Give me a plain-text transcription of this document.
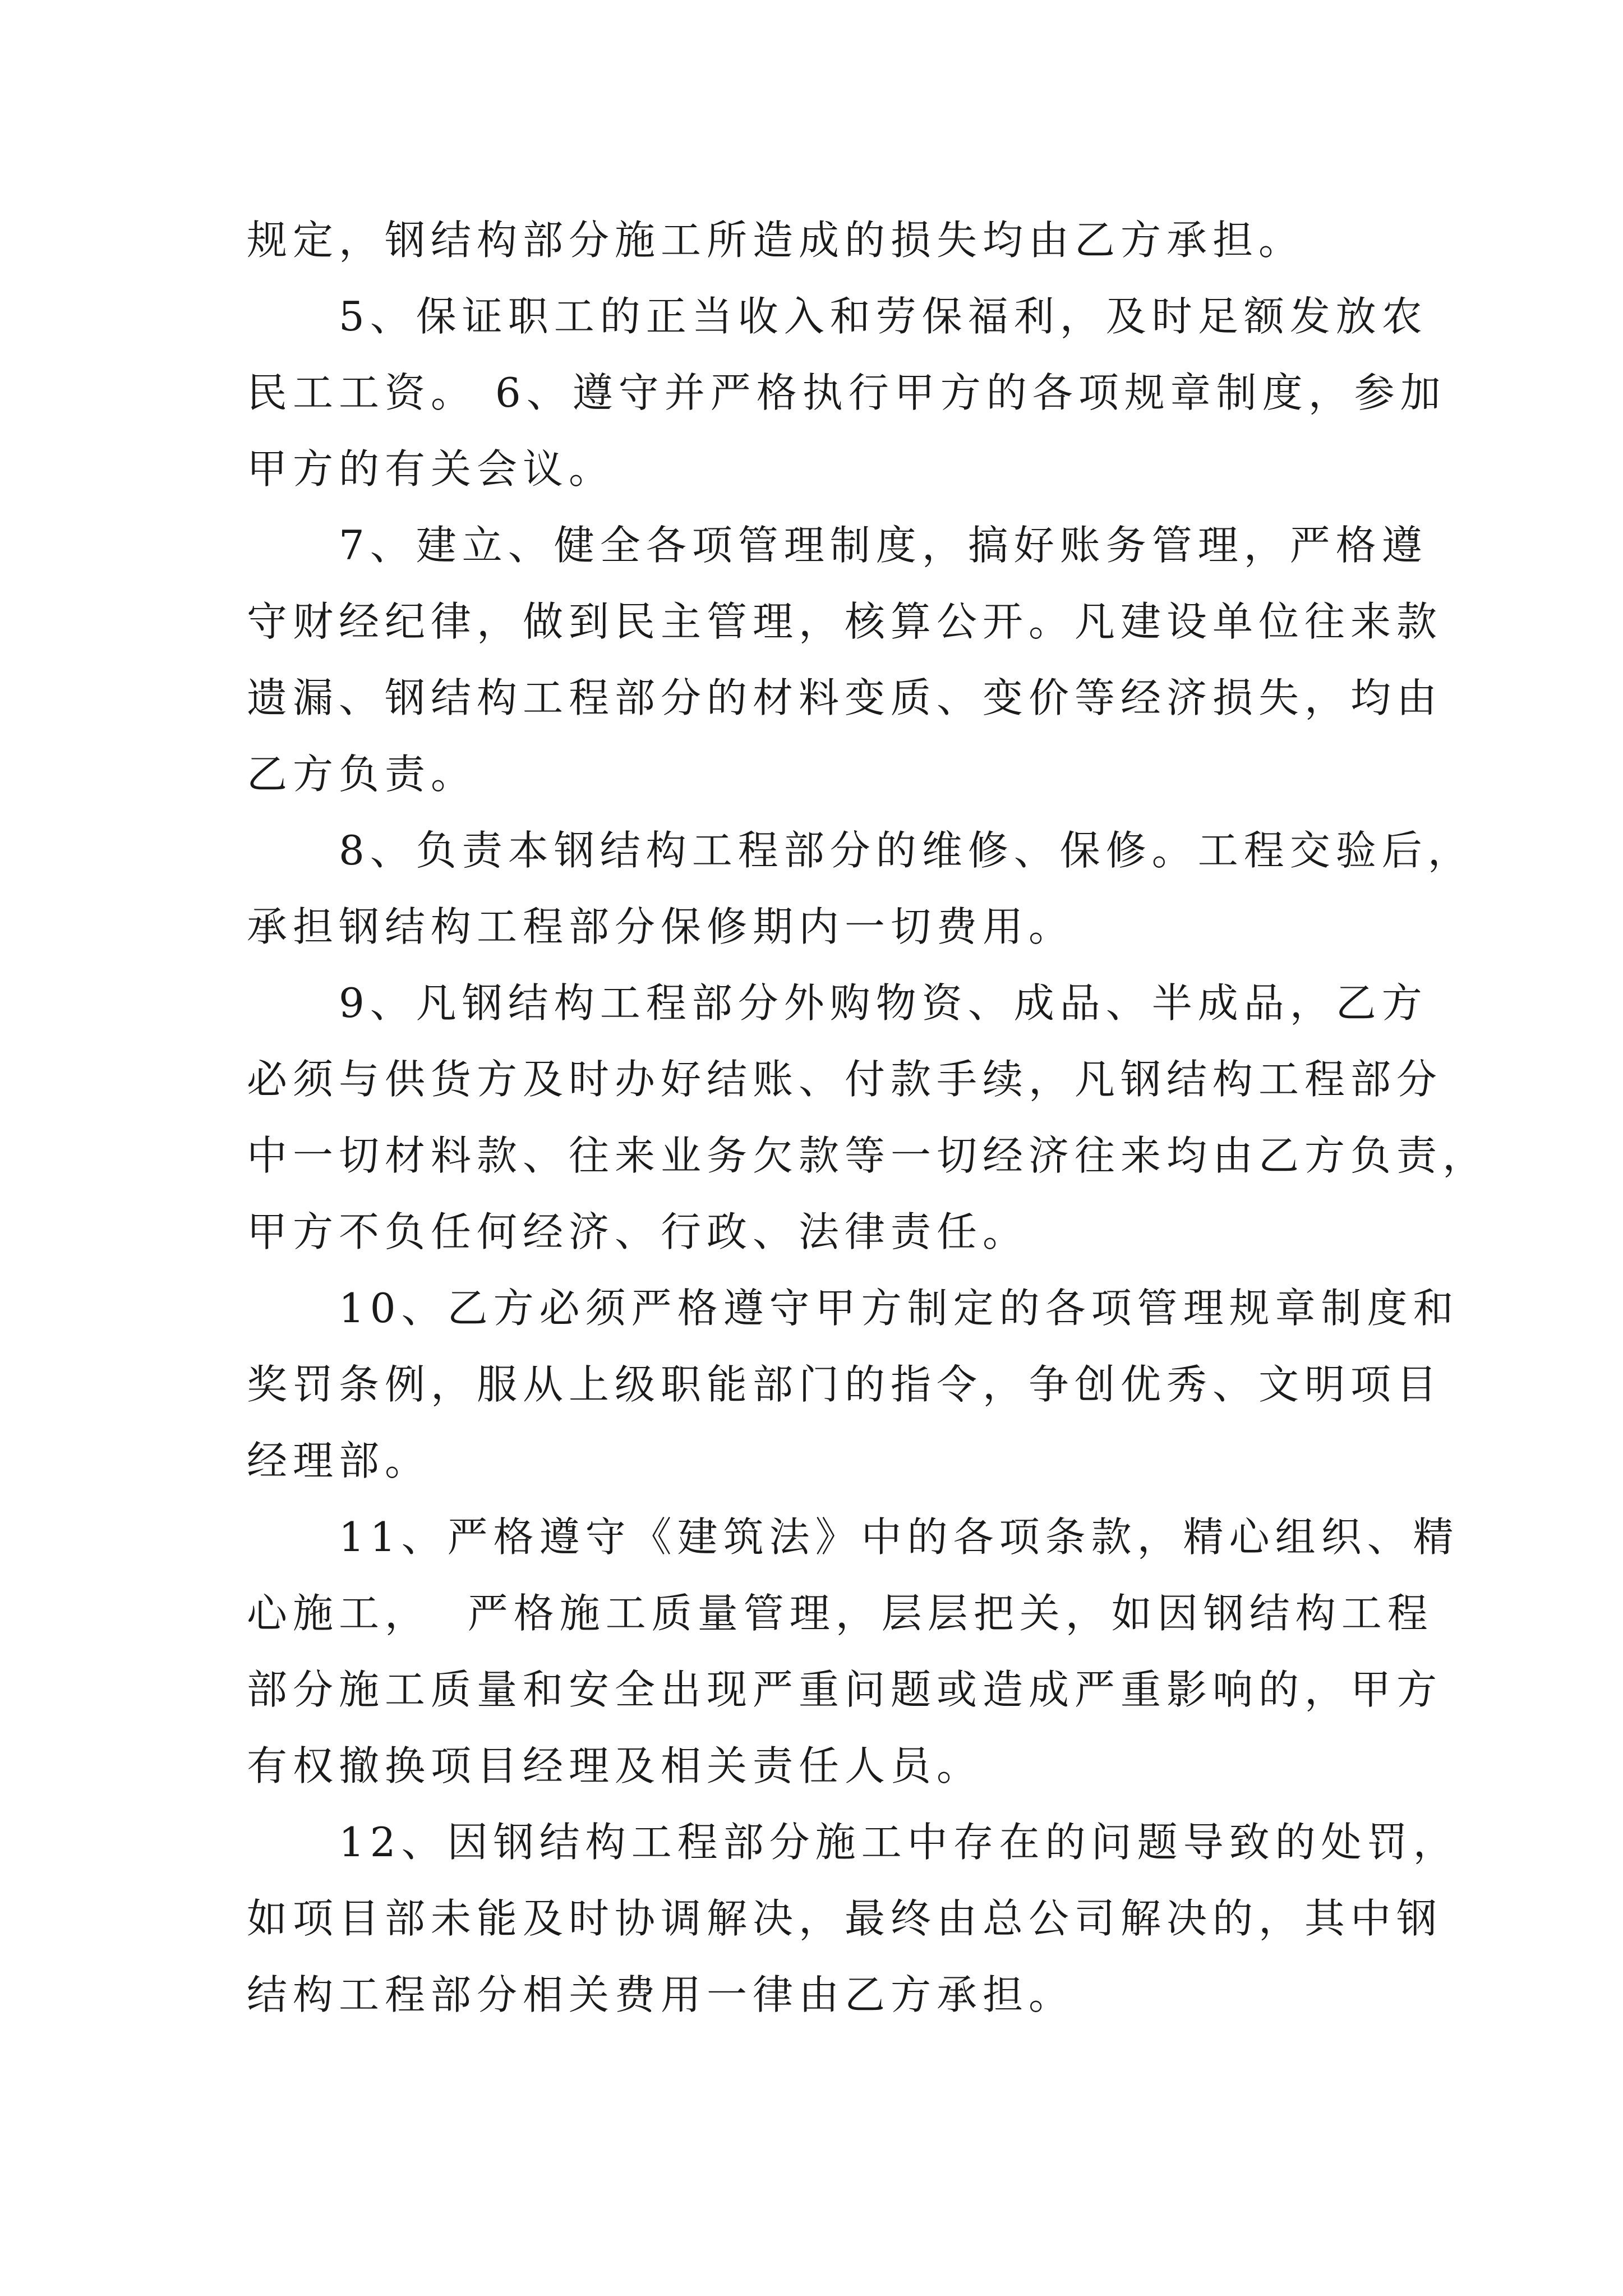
规定，钢结构部分施工所造成的损失均由乙方承担。
　　5、保证职工的正当收入和劳保福利，及时足额发放农
民工工资。 6、遵守并严格执行甲方的各项规章制度，参加
甲方的有关会议。
　　7、建立、健全各项管理制度，搞好账务管理，严格遵
守财经纪律，做到民主管理，核算公开。凡建设单位往来款
遗漏、钢结构工程部分的材料变质、变价等经济损失，均由
乙方负责。
　　8、负责本钢结构工程部分的维修、保修。工程交验后，
承担钢结构工程部分保修期内一切费用。
　　9、凡钢结构工程部分外购物资、成品、半成品，乙方
必须与供货方及时办好结账、付款手续，凡钢结构工程部分
中一切材料款、往来业务欠款等一切经济往来均由乙方负责，
甲方不负任何经济、行政、法律责任。
　　10、乙方必须严格遵守甲方制定的各项管理规章制度和
奖罚条例，服从上级职能部门的指令，争创优秀、文明项目
经理部。
　　11、严格遵守《建筑法》中的各项条款，精心组织、精
心施工，  严格施工质量管理，层层把关，如因钢结构工程
部分施工质量和安全出现严重问题或造成严重影响的，甲方
有权撤换项目经理及相关责任人员。
　　12、因钢结构工程部分施工中存在的问题导致的处罚，
如项目部未能及时协调解决，最终由总公司解决的，其中钢
结构工程部分相关费用一律由乙方承担。
